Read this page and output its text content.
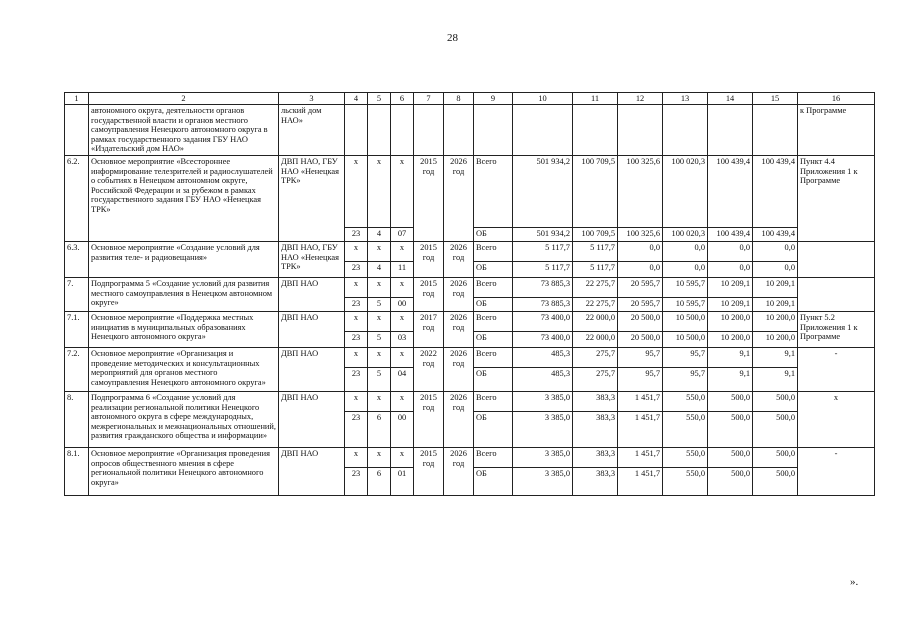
28
1	2	3	4	5	6	7	8	9	10	11	12	13	14	15	16
	автономного округа, деятельности органов государственной власти и органов местного самоуправления Ненецкого автономного округа в рамках государственного задания ГБУ НАО «Издательский дом НАО»	льский дом НАО»													к Программе
6.2.	Основное мероприятие «Всестороннее информирование телезрителей и радиослушателей о событиях в Ненецком автономном округе, Российской Федерации и за рубежом в рамках государственного задания ГБУ НАО «Ненецкая ТРК»	ДВП НАО, ГБУ НАО «Ненецкая ТРК»	х	х	х	2015 год	2026 год	Всего	501 934,2	100 709,5	100 325,6	100 020,3	100 439,4	100 439,4	Пункт 4.4 Приложения 1 к Программе
			23	4	07			ОБ	501 934,2	100 709,5	100 325,6	100 020,3	100 439,4	100 439,4	
6.3.	Основное мероприятие «Создание условий для развития теле- и радиовещания»	ДВП НАО, ГБУ НАО «Ненецкая ТРК»	х	х	х	2015 год	2026 год	Всего	5 117,7	5 117,7	0,0	0,0	0,0	0,0	
			23	4	11			ОБ	5 117,7	5 117,7	0,0	0,0	0,0	0,0	
7.	Подпрограмма 5 «Создание условий для развития местного самоуправления в Ненецком автономном округе»	ДВП НАО	х	х	х	2015 год	2026 год	Всего	73 885,3	22 275,7	20 595,7	10 595,7	10 209,1	10 209,1	
			23	5	00			ОБ	73 885,3	22 275,7	20 595,7	10 595,7	10 209,1	10 209,1	
7.1.	Основное мероприятие «Поддержка местных инициатив в муниципальных образованиях Ненецкого автономного округа»	ДВП НАО	х	х	х	2017 год	2026 год	Всего	73 400,0	22 000,0	20 500,0	10 500,0	10 200,0	10 200,0	Пункт 5.2 Приложения 1 к Программе
			23	5	03			ОБ	73 400,0	22 000,0	20 500,0	10 500,0	10 200,0	10 200,0	
7.2.	Основное мероприятие «Организация и проведение методических и консультационных мероприятий для органов местного самоуправления Ненецкого автономного округа»	ДВП НАО	х	х	х	2022 год	2026 год	Всего	485,3	275,7	95,7	95,7	9,1	9,1	-
			23	5	04			ОБ	485,3	275,7	95,7	95,7	9,1	9,1	
8.	Подпрограмма 6 «Создание условий для реализации региональной политики Ненецкого автономного округа в сфере международных, межрегиональных и межнациональных отношений, развития гражданского общества и информации»	ДВП НАО	х	х	х	2015 год	2026 год	Всего	3 385,0	383,3	1 451,7	550,0	500,0	500,0	х
			23	6	00			ОБ	3 385,0	383,3	1 451,7	550,0	500,0	500,0	
8.1.	Основное мероприятие «Организация проведения опросов общественного мнения в сфере региональной политики Ненецкого автономного округа»	ДВП НАО	х	х	х	2015 год	2026 год	Всего	3 385,0	383,3	1 451,7	550,0	500,0	500,0	-
			23	6	01			ОБ	3 385,0	383,3	1 451,7	550,0	500,0	500,0	
».
